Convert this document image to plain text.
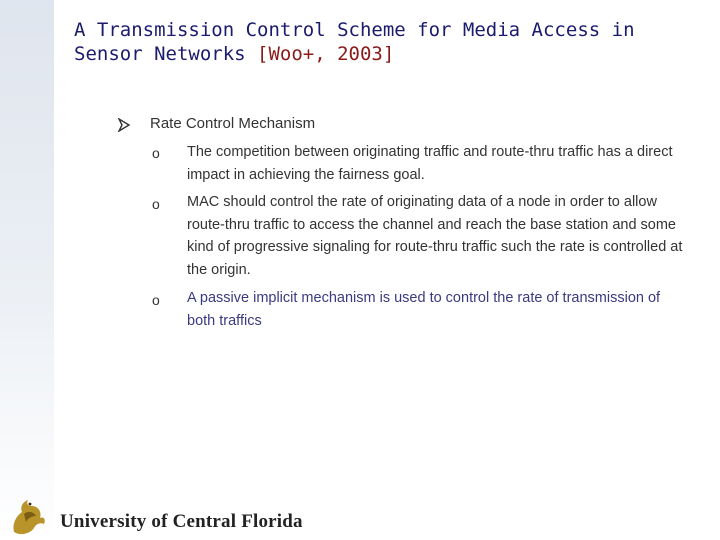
A Transmission Control Scheme for Media Access in
Sensor Networks [Woo+, 2003]
Rate Control Mechanism
o The competition between originating traffic and route-thru traffic has a direct impact in achieving the fairness goal.
o MAC should control the rate of originating data of a node in order to allow route-thru traffic to access the channel and reach the base station and some kind of progressive signaling for route-thru traffic such the rate is controlled at the origin.
o A passive implicit mechanism is used to control the rate of transmission of both traffics
University of Central Florida
